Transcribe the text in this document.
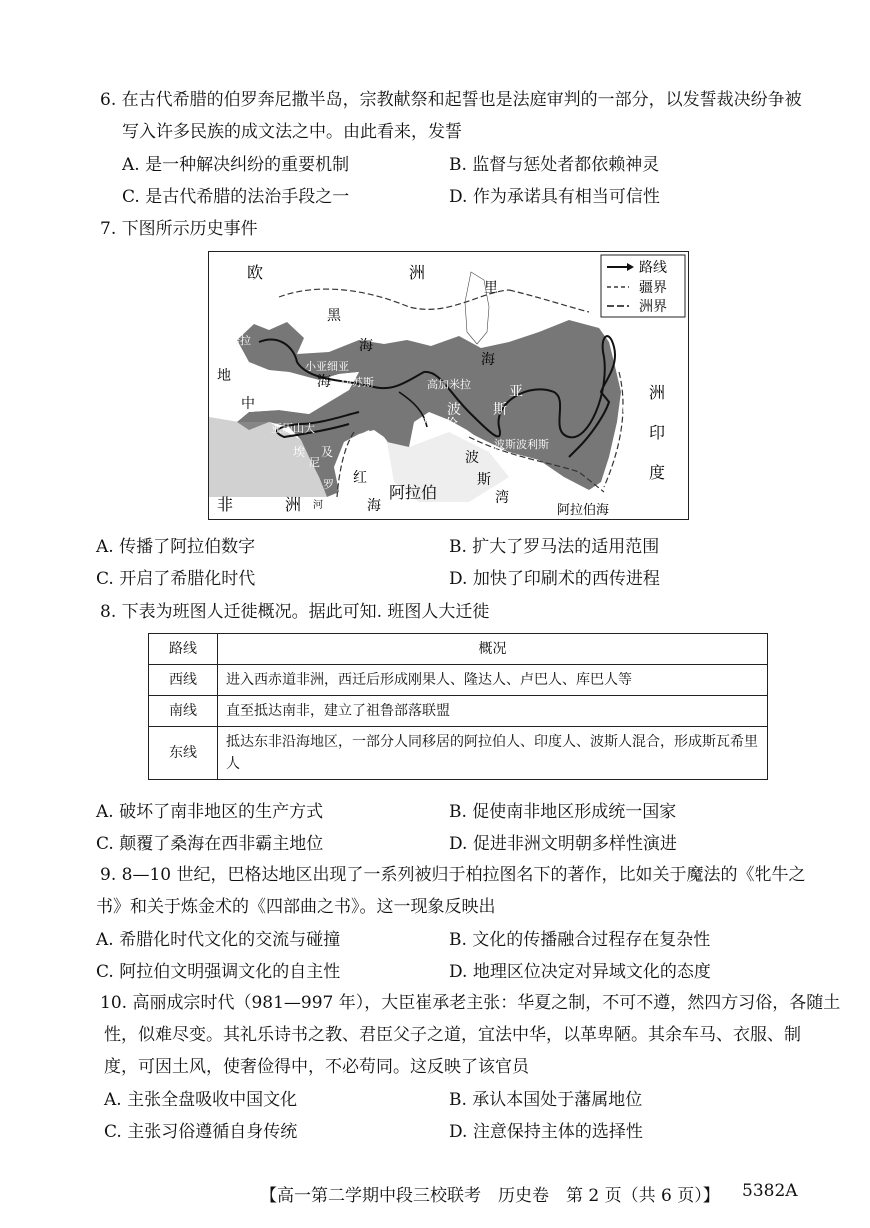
6. 在古代希腊的伯罗奔尼撒半岛，宗教献祭和起誓也是法庭审判的一部分，以发誓裁决纷争被
写入许多民族的成文法之中。由此看来，发誓
A. 是一种解决纠纷的重要机制	B. 监督与惩处者都依赖神灵
C. 是古代希腊的法治手段之一	D. 作为承诺具有相当可信性
7. 下图所示历史事件
路线
疆界
洲界
欧	洲
里
海
黑
海
培拉
地
中
海
小亚细亚
伊苏斯	高加米拉	亚
斯
巴比伦
波
波斯波利斯
亚历山大
埃
尼
及
罗
河
红
海
波
斯
湾
阿拉伯
阿拉伯海
非	洲
印
度
洲
印
度
河
A. 传播了阿拉伯数字	B. 扩大了罗马法的适用范围
C. 开启了希腊化时代	D. 加快了印刷术的西传进程
8. 下表为班图人迁徙概况。据此可知. 班图人大迁徙
路线	概况
西线	进入西赤道非洲，西迁后形成刚果人、隆达人、卢巴人、库巴人等
南线	直至抵达南非，建立了祖鲁部落联盟
东线	抵达东非沿海地区，一部分人同移居的阿拉伯人、印度人、波斯人混合，形成斯瓦希里人
A. 破坏了南非地区的生产方式	B. 促使南非地区形成统一国家
C. 颠覆了桑海在西非霸主地位	D. 促进非洲文明朝多样性演进
9. 8—10 世纪，巴格达地区出现了一系列被归于柏拉图名下的著作，比如关于魔法的《牝牛之
书》和关于炼金术的《四部曲之书》。这一现象反映出
A. 希腊化时代文化的交流与碰撞	B. 文化的传播融合过程存在复杂性
C. 阿拉伯文明强调文化的自主性	D. 地理区位决定对异域文化的态度
10. 高丽成宗时代（981—997 年），大臣崔承老主张：华夏之制，不可不遵，然四方习俗，各随土
性，似难尽变。其礼乐诗书之教、君臣父子之道，宜法中华，以革卑陋。其余车马、衣服、制
度，可因土风，使奢俭得中，不必苟同。这反映了该官员
A. 主张全盘吸收中国文化	B. 承认本国处于藩属地位
C. 主张习俗遵循自身传统	D. 注意保持主体的选择性
【高一第二学期中段三校联考　历史卷　第 2 页（共 6 页）】 5382A
